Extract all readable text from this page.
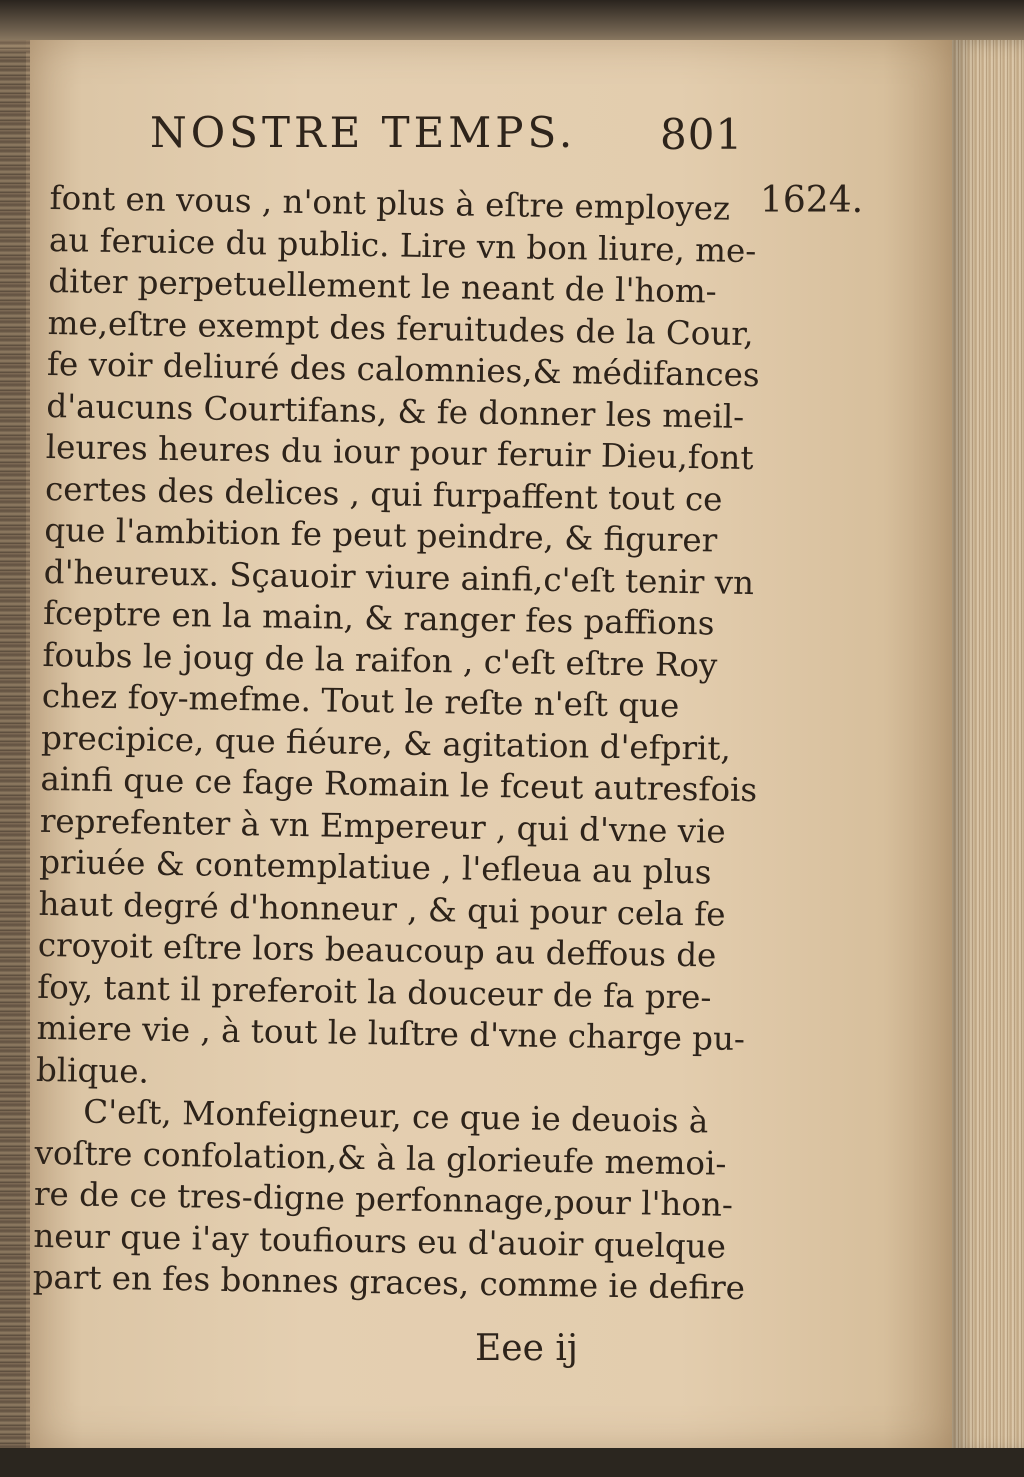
NOSTRE TEMPS. 801
1624.
font en vous , n'ont plus à eſtre employez
au feruice du public. Lire vn bon liure, me-
diter perpetuellement le neant de l'hom-
me,eſtre exempt des feruitudes de la Cour,
fe voir deliuré des calomnies,& médifances
d'aucuns Courtifans, & fe donner les meil-
leures heures du iour pour feruir Dieu,font
certes des delices , qui furpaffent tout ce
que l'ambition fe peut peindre, & figurer
d'heureux. Sçauoir viure ainfi,c'eſt tenir vn
fceptre en la main, & ranger fes paffions
foubs le joug de la raifon , c'eſt eſtre Roy
chez foy-mefme. Tout le reſte n'eſt que
precipice, que fiéure, & agitation d'efprit,
ainfi que ce fage Romain le fceut autresfois
reprefenter à vn Empereur , qui d'vne vie
priuée & contemplatiue , l'efleua au plus
haut degré d'honneur , & qui pour cela fe
croyoit eſtre lors beaucoup au deffous de
foy, tant il preferoit la douceur de fa pre-
miere vie , à tout le luſtre d'vne charge pu-
blique.
C'eſt, Monfeigneur, ce que ie deuois à
voſtre confolation,& à la glorieufe memoi-
re de ce tres-digne perfonnage,pour l'hon-
neur que i'ay toufiours eu d'auoir quelque
part en fes bonnes graces, comme ie defire
Eee ij
